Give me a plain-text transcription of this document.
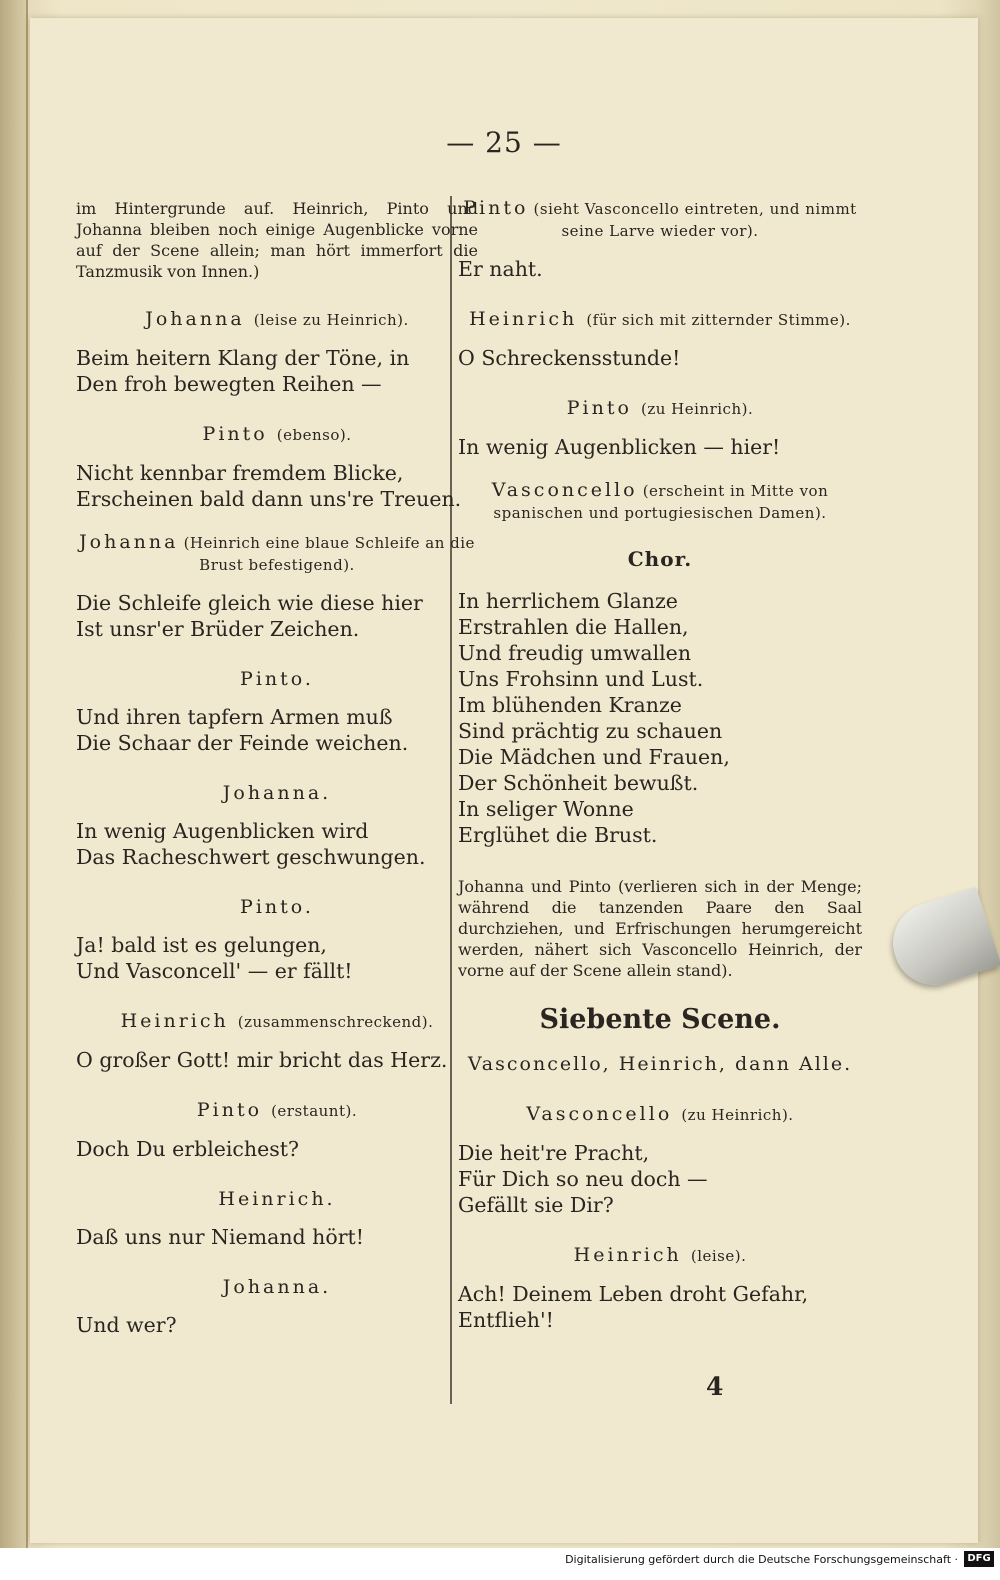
— 25 —

im Hintergrunde auf. Heinrich, Pinto und Johanna bleiben noch einige Augenblicke vorne auf der Scene allein; man hört immerfort die Tanzmusik von Innen.)

Johanna (leise zu Heinrich).
Beim heitern Klang der Töne, in
Den froh bewegten Reihen —
Pinto (ebenso).
Nicht kennbar fremdem Blicke,
Erscheinen bald dann uns're Treuen.
Johanna (Heinrich eine blaue Schleife an die Brust befestigend).
Die Schleife gleich wie diese hier
Ist unsr'er Brüder Zeichen.
Pinto.
Und ihren tapfern Armen muß
Die Schaar der Feinde weichen.
Johanna.
In wenig Augenblicken wird
Das Racheschwert geschwungen.
Pinto.
Ja! bald ist es gelungen,
Und Vasconcell' — er fällt!
Heinrich (zusammenschreckend).
O großer Gott! mir bricht das Herz.
Pinto (erstaunt).
Doch Du erbleichest?
Heinrich.
Daß uns nur Niemand hört!
Johanna.
Und wer?
Pinto (sieht Vasconcello eintreten, und nimmt seine Larve wieder vor).
Er naht.
Heinrich (für sich mit zitternder Stimme).
O Schreckensstunde!
Pinto (zu Heinrich).
In wenig Augenblicken — hier!
Vasconcello (erscheint in Mitte von spanischen und portugiesischen Damen).
Chor.
In herrlichem Glanze
Erstrahlen die Hallen,
Und freudig umwallen
Uns Frohsinn und Lust.
Im blühenden Kranze
Sind prächtig zu schauen
Die Mädchen und Frauen,
Der Schönheit bewußt.
In seliger Wonne
Erglühet die Brust.

Johanna und Pinto (verlieren sich in der Menge; während die tanzenden Paare den Saal durchziehen, und Erfrischungen herumgereicht werden, nähert sich Vasconcello Heinrich, der vorne auf der Scene allein stand).

Siebente Scene.
Vasconcello, Heinrich, dann Alle.
Vasconcello (zu Heinrich).
Die heit're Pracht,
Für Dich so neu doch —
Gefällt sie Dir?
Heinrich (leise).
Ach! Deinem Leben droht Gefahr,
Entflieh'!
4
Digitalisierung gefördert durch die Deutsche Forschungsgemeinschaft · DFG
